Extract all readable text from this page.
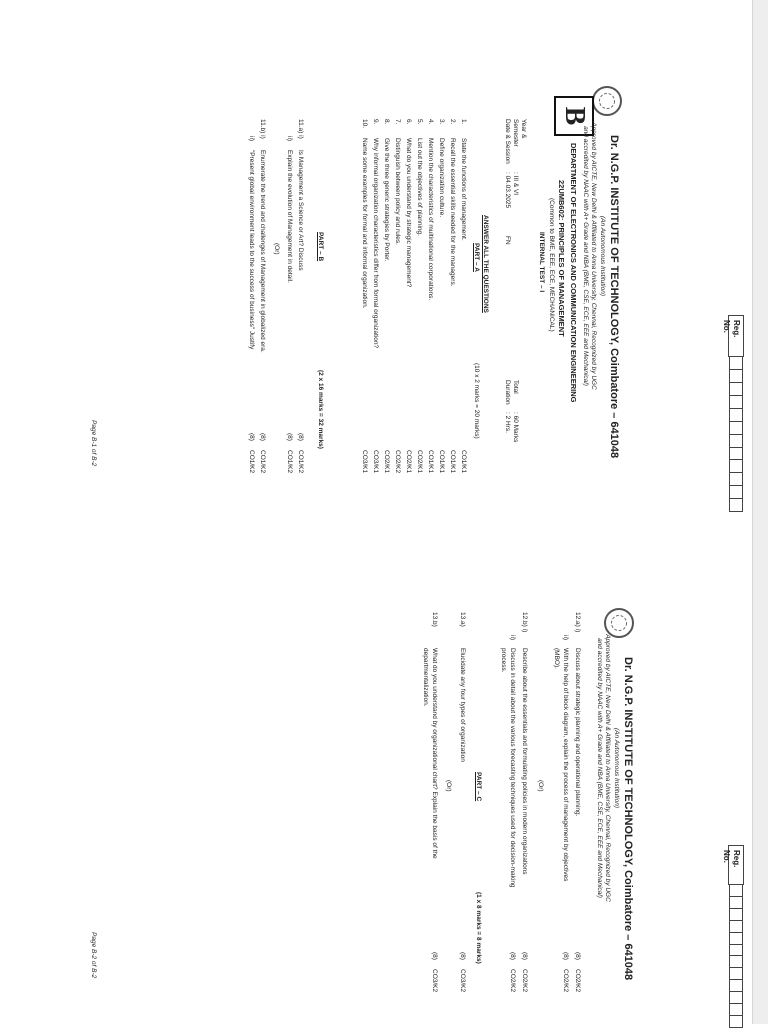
Reg. No.
B
Dr. N.G.P. INSTITUTE OF TECHNOLOGY, Coimbatore – 641048
(An Autonomous Institution)
Approved by AICTE, New Delhi & Affiliated to Anna University, Chennai, Recognized by UGC
and accredited by NAAC with A+ Grade and NBA (BME, CSE, ECE, EEE and Mechanical)
DEPARTMENT OF ELECTRONICS AND COMMUNICATION ENGINEERING
22UMB602: PRINCIPLES OF MANAGEMENT
(Common to BME, EEE, ECE, MECHANICAL)
INTERNAL TEST – I
Year &
Semester
Date & Session
: III & VI
: 04.03.2025
FN
Total
Duration
: 60 Marks
: 2 Hrs.
ANSWER ALL THE QUESTIONS
PART – A
(10 x 2 marks = 20 marks)
1.
State the functions of management.
CO1/K1
2.
Recall the essential skills needed for the managers.
CO1/K1
3.
Define organization culture.
CO1/K1
4.
Mention the characteristics of multinational corporations.
CO1/K1
5.
List out the objectives of planning.
CO2/K1
6.
What do you understand by strategic management?
CO2/K1
7.
Distinguish between policy and rules.
CO2/K2
8.
Give the three generic strategies by Porter.
CO2/K1
9.
Why informal organization characteristics differ from formal organization?
CO3/K1
10.
Name some examples for formal and informal organization.
CO3/K1
PART – B
(2 x 16 marks = 32 marks)
11.a) i)
Is Management a Science or Art? Discuss
(8)
CO1/K2
ii)
Explain the evolution of Management in detail.
(8)
CO1/K2
(Or)
11.b) i)
Enumerate the trend and challenges of Management in globalized era.
(8)
CO1/K2
ii)
"Present global environment leads to the success of business" Justify
(8)
CO1/K2
Page B-1 of B-2
Reg. No.
Dr. N.G.P. INSTITUTE OF TECHNOLOGY, Coimbatore – 641048
(An Autonomous Institution)
Approved by AICTE, New Delhi & Affiliated to Anna University, Chennai, Recognized by UGC
and accredited by NAAC with A+ Grade and NBA (BME, CSE, ECE, EEE and Mechanical)
12.a) i)
Discuss about strategic planning and operational planning.
(8)
CO2/K2
ii)
With the help of block diagram, explain the process of management by objectives
(8)
CO2/K2
(MBO).
(Or)
12.b) i)
Describe about the essentials and formulating policies in modern organizations
(8)
CO2/K2
ii)
Discuss in detail about the various forecasting techniques used for decision-making
(8)
CO2/K2
process.
PART – C
(1 x 8 marks = 8 marks)
13.a)
Elucidate any four types of organization
(8)
CO3/K2
(Or)
13.b)
What do you understand by organizational chart? Explain the basis of the
(8)
CO3/K2
departmentalization.
Page B-2 of B-2
